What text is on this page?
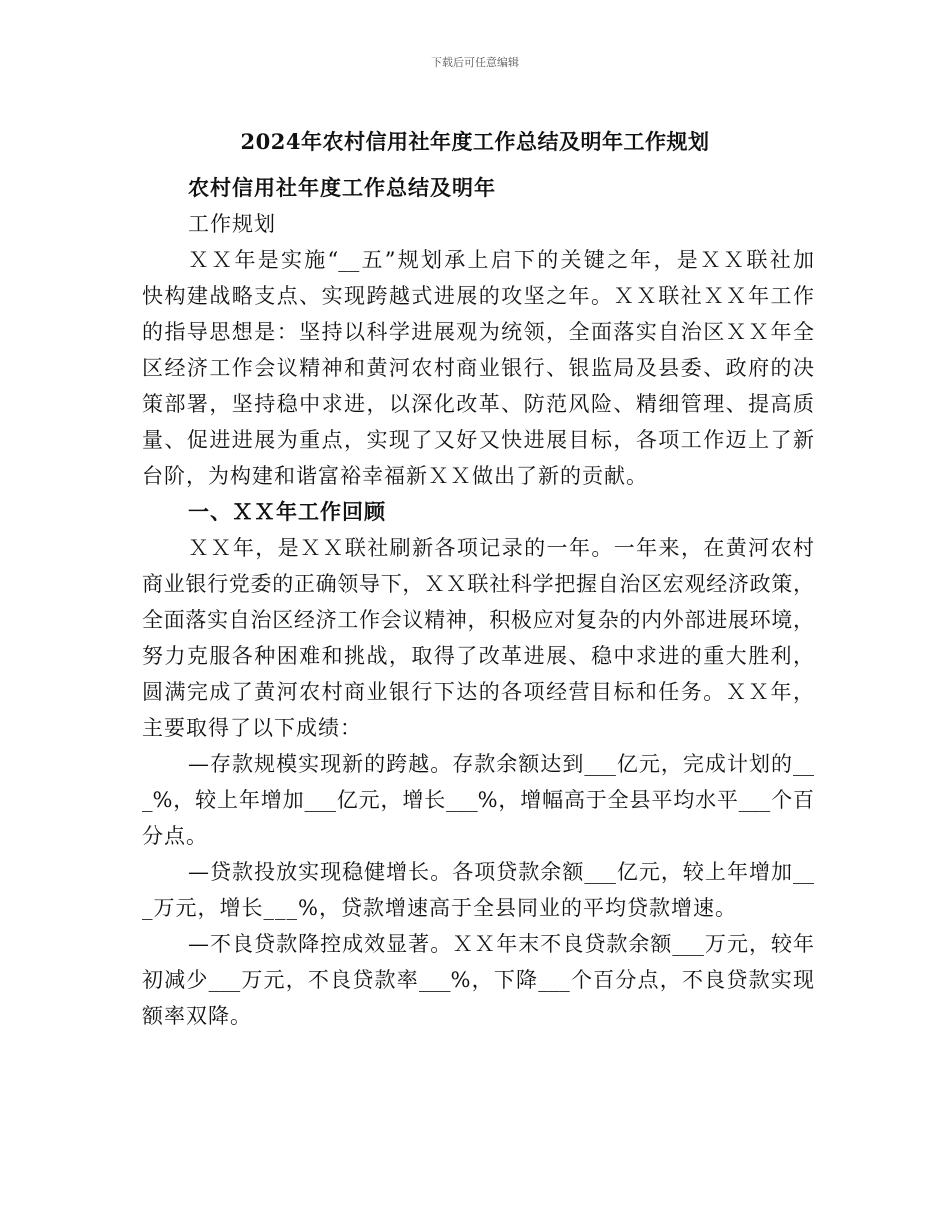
下载后可任意编辑
2024年农村信用社年度工作总结及明年工作规划
农村信用社年度工作总结及明年
工作规划
ＸＸ年是实施“__五”规划承上启下的关键之年，是ＸＸ联社加
快构建战略支点、实现跨越式进展的攻坚之年。ＸＸ联社ＸＸ年工作
的指导思想是：坚持以科学进展观为统领，全面落实自治区ＸＸ年全
区经济工作会议精神和黄河农村商业银行、银监局及县委、政府的决
策部署，坚持稳中求进，以深化改革、防范风险、精细管理、提高质
量、促进进展为重点，实现了又好又快进展目标，各项工作迈上了新
台阶，为构建和谐富裕幸福新ＸＸ做出了新的贡献。
一、ＸＸ年工作回顾
ＸＸ年，是ＸＸ联社刷新各项记录的一年。一年来，在黄河农村
商业银行党委的正确领导下，ＸＸ联社科学把握自治区宏观经济政策，
全面落实自治区经济工作会议精神，积极应对复杂的内外部进展环境，
努力克服各种困难和挑战，取得了改革进展、稳中求进的重大胜利，
圆满完成了黄河农村商业银行下达的各项经营目标和任务。ＸＸ年，
主要取得了以下成绩：
—存款规模实现新的跨越。存款余额达到___亿元，完成计划的__
_%，较上年增加___亿元，增长___%，增幅高于全县平均水平___个百
分点。
—贷款投放实现稳健增长。各项贷款余额___亿元，较上年增加__
_万元，增长___%，贷款增速高于全县同业的平均贷款增速。
—不良贷款降控成效显著。ＸＸ年末不良贷款余额___万元，较年
初减少___万元，不良贷款率___%，下降___个百分点，不良贷款实现
额率双降。
